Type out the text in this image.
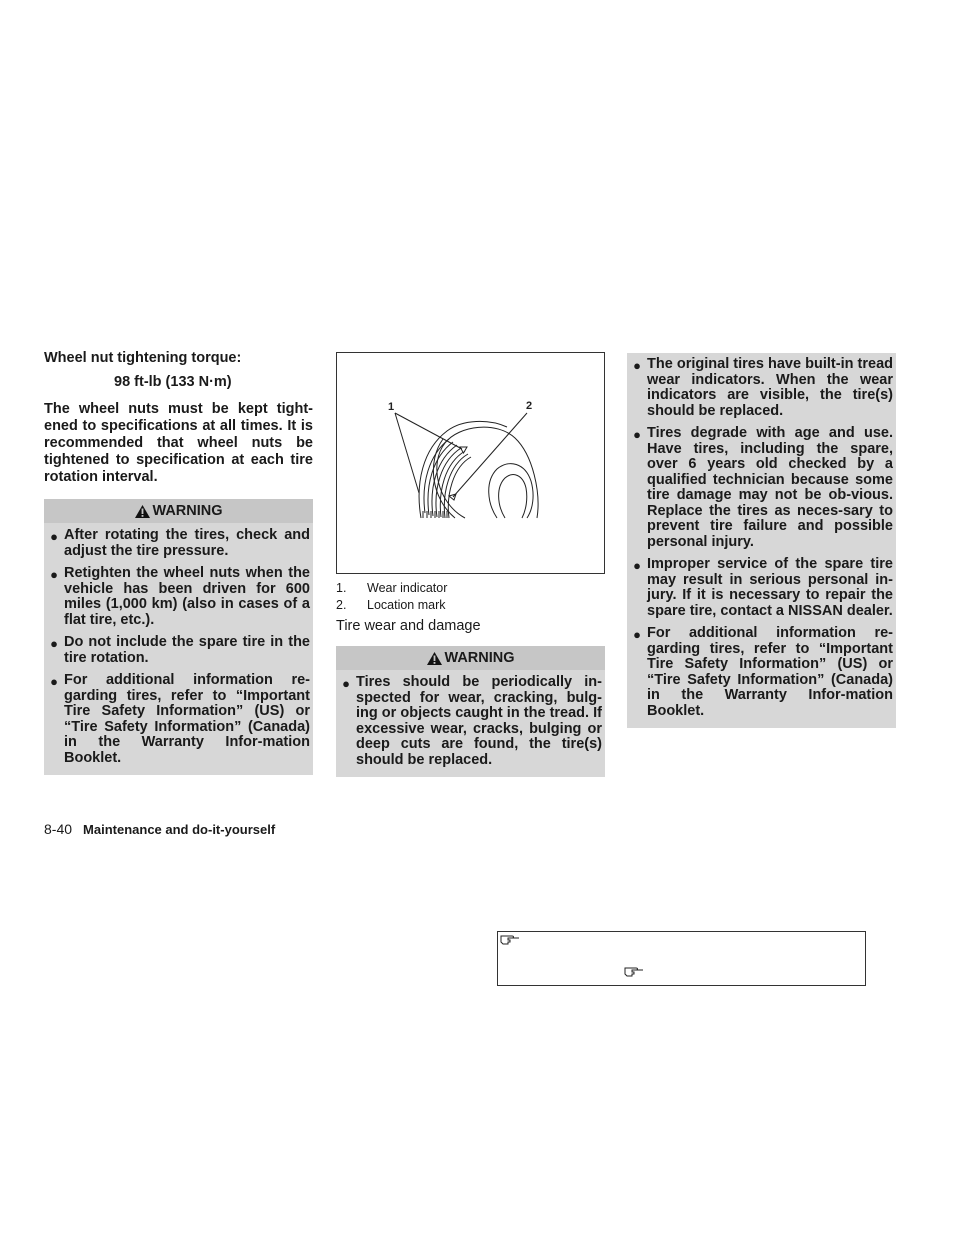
Wheel nut tightening torque:

98 ft-lb (133 N·m)

The wheel nuts must be kept tight-ened to specifications at all times. It is recommended that wheel nuts be tightened to specification at each tire rotation interval.

WARNING
● After rotating the tires, check and adjust the tire pressure.
● Retighten the wheel nuts when the vehicle has been driven for 600 miles (1,000 km) (also in cases of a flat tire, etc.).
● Do not include the spare tire in the tire rotation.
● For additional information re-garding tires, refer to “Important Tire Safety Information” (US) or “Tire Safety Information” (Canada) in the Warranty Infor-mation Booklet.
1	2
1.	Wear indicator
2.	Location mark
Tire wear and damage
WARNING
● Tires should be periodically in-spected for wear, cracking, bulg-ing or objects caught in the tread. If excessive wear, cracks, bulging or deep cuts are found, the tire(s) should be replaced.
● The original tires have built-in tread wear indicators. When the wear indicators are visible, the tire(s) should be replaced.
● Tires degrade with age and use. Have tires, including the spare, over 6 years old checked by a qualified technician because some tire damage may not be ob-vious. Replace the tires as neces-sary to prevent tire failure and possible personal injury.
● Improper service of the spare tire may result in serious personal in-jury. If it is necessary to repair the spare tire, contact a NISSAN dealer.
● For additional information re-garding tires, refer to “Important Tire Safety Information” (US) or “Tire Safety Information” (Canada) in the Warranty Infor-mation Booklet.
8-40 Maintenance and do-it-yourself
